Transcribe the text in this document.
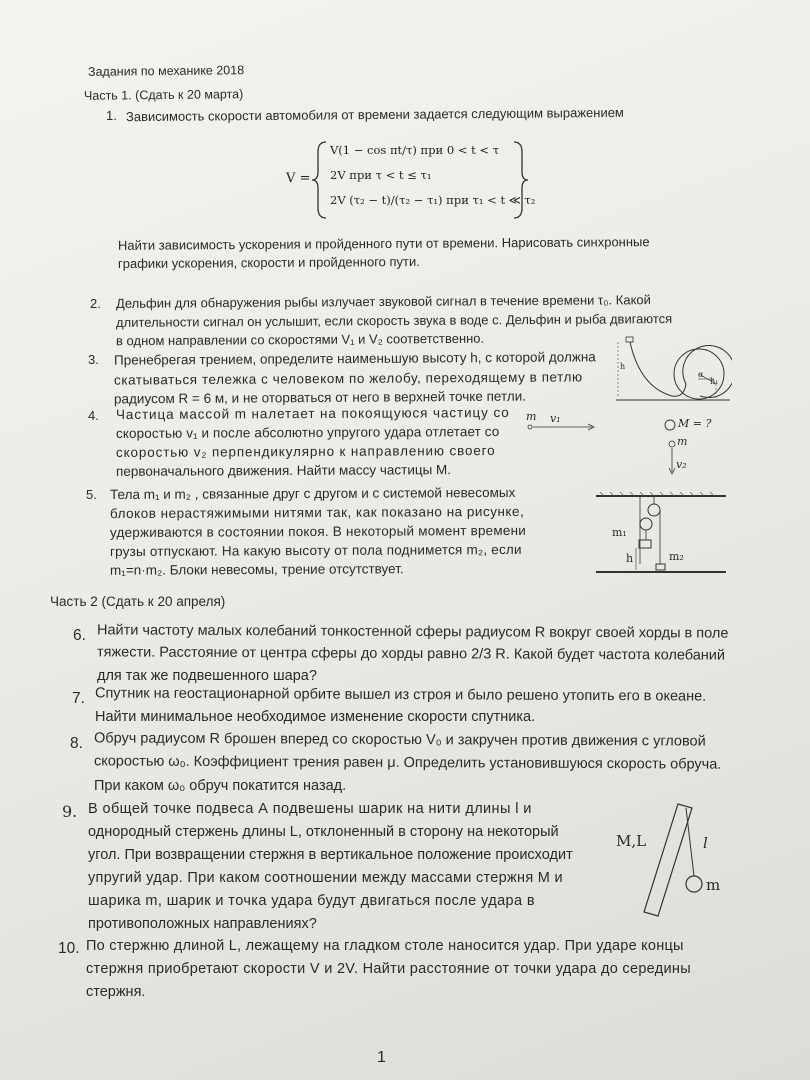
Задания по механике 2018
Часть 1. (Сдать к 20 марта)
1. Зависимость скорости автомобиля от времени задается следующим выражением
V =
V(1 − cos πt/τ) при 0 < t < τ
2V при τ < t ≤ τ₁
2V (τ₂ − t)/(τ₂ − τ₁) при τ₁ < t ≪ τ₂
Найти зависимость ускорения и пройденного пути от времени. Нарисовать синхронные
графики ускорения, скорости и пройденного пути.
2. Дельфин для обнаружения рыбы излучает звуковой сигнал в течение времени τ₀. Какой
длительности сигнал он услышит, если скорость звука в воде c. Дельфин и рыба двигаются
в одном направлении со скоростями V₁ и V₂ соответственно.
3. Пренебрегая трением, определите наименьшую высоту h, с которой должна
скатываться тележка с человеком по желобу, переходящему в петлю
радиусом R = 6 м, и не оторваться от него в верхней точке петли.
h
α
h₁
4. Частица массой m налетает на покоящуюся частицу со
скоростью v₁ и после абсолютно упругого удара отлетает со
скоростью v₂ перпендикулярно к направлению своего
первоначального движения. Найти массу частицы M.
m v₁	M = ?
m
v₂
5. Тела m₁ и m₂ , связанные друг с другом и с системой невесомых
блоков нерастяжимыми нитями так, как показано на рисунке,
удерживаются в состоянии покоя. В некоторый момент времени
грузы отпускают. На какую высоту от пола поднимется m₂, если
m₁=n·m₂. Блоки невесомы, трение отсутствует.
m₁
h	m₂
Часть 2 (Сдать к 20 апреля)
6. Найти частоту малых колебаний тонкостенной сферы радиусом R вокруг своей хорды в поле
тяжести. Расстояние от центра сферы до хорды равно 2/3 R. Какой будет частота колебаний
для так же подвешенного шара?
7. Спутник на геостационарной орбите вышел из строя и было решено утопить его в океане.
Найти минимальное необходимое изменение скорости спутника.
8. Обруч радиусом R брошен вперед со скоростью V₀ и закручен против движения с угловой
скоростью ω₀. Коэффициент трения равен μ. Определить установившуюся скорость обруча.
При каком ω₀ обруч покатится назад.
9. В общей точке подвеса А подвешены шарик на нити длины l и
однородный стержень длины L, отклоненный в сторону на некоторый
угол. При возвращении стержня в вертикальное положение происходит
упругий удар. При каком соотношении между массами стержня M и
шарика m, шарик и точка удара будут двигаться после удара в
противоположных направлениях?
M,L	l
m
10. По стержню длиной L, лежащему на гладком столе наносится удар. При ударе концы
стержня приобретают скорости V и 2V. Найти расстояние от точки удара до середины
стержня.
1
